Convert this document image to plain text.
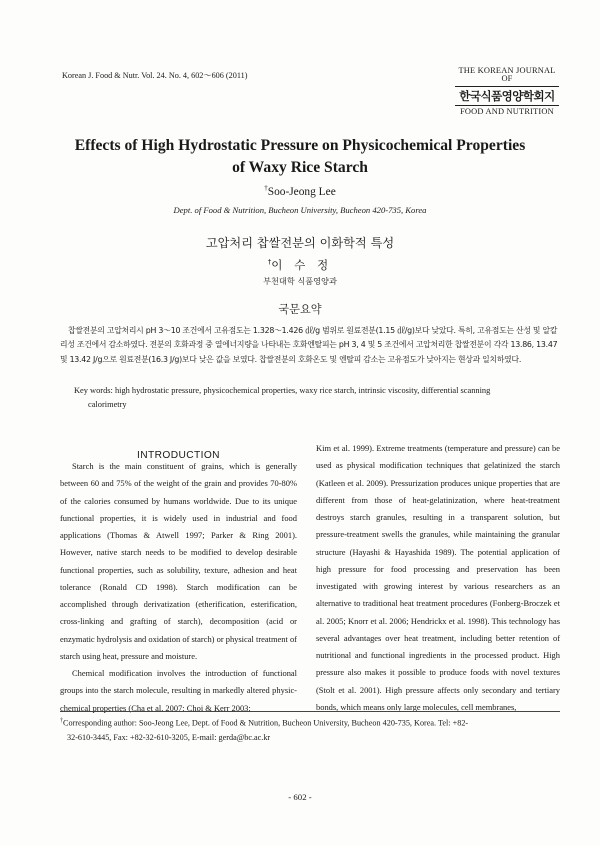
Korean J. Food & Nutr. Vol. 24. No. 4, 602～606 (2011)
THE KOREAN JOURNAL OF
한국식품영양학회지
FOOD AND NUTRITION
Effects of High Hydrostatic Pressure on Physicochemical Properties
of Waxy Rice Starch
†Soo-Jeong Lee
Dept. of Food & Nutrition, Bucheon University, Bucheon 420-735, Korea
고압처리 찹쌀전분의 이화학적 특성
†이 수 정
부천대학 식품영양과
국문요약
찹쌀전분의 고압처리시 pH 3～10 조건에서 고유점도는 1.328～1.426 ㎗/g 범위로 원료전분(1.15 ㎗/g)보다 낮았다. 특히, 고유점도는 산성 및 알칼리성 조건에서 감소하였다. 전분의 호화과정 중 열에너지량을 나타내는 호화엔탈피는 pH 3, 4 및 5 조건에서 고압처리한 찹쌀전분이 각각 13.86, 13.47 및 13.42 J/g으로 원료전분(16.3 J/g)보다 낮은 값을 보였다. 찹쌀전분의 호화온도 및 엔탈피 감소는 고유점도가 낮아지는 현상과 일치하였다.
Key words: high hydrostatic pressure, physicochemical properties, waxy rice starch, intrinsic viscosity, differential scanning
calorimetry
INTRODUCTION

Starch is the main constituent of grains, which is generally between 60 and 75% of the weight of the grain and provides 70-80% of the calories consumed by humans worldwide. Due to its unique functional properties, it is widely used in industrial and food applications (Thomas & Atwell 1997; Parker & Ring 2001). However, native starch needs to be modified to develop desirable functional properties, such as solubility, texture, adhesion and heat tolerance (Ronald CD 1998). Starch modification can be accomplished through derivatization (etherification, esterification, cross-linking and grafting of starch), decomposition (acid or enzymatic hydrolysis and oxidation of starch) or physical treatment of starch using heat, pressure and moisture.

Chemical modification involves the introduction of functional groups into the starch molecule, resulting in markedly altered physic-chemical properties (Cha et al. 2007; Choi & Kerr 2003;

Kim et al. 1999). Extreme treatments (temperature and pressure) can be used as physical modification techniques that gelatinized the starch (Katleen et al. 2009). Pressurization produces unique properties that are different from those of heat-gelatinization, where heat-treatment destroys starch granules, resulting in a transparent solution, but pressure-treatment swells the granules, while maintaining the granular structure (Hayashi & Hayashida 1989). The potential application of high pressure for food processing and preservation has been investigated with growing interest by various researchers as an alternative to traditional heat treatment procedures (Fonberg-Broczek et al. 2005; Knorr et al. 2006; Hendrickx et al. 1998). This technology has several advantages over heat treatment, including better retention of nutritional and functional ingredients in the processed product. High pressure also makes it possible to produce foods with novel textures (Stolt et al. 2001). High pressure affects only secondary and tertiary bonds, which means only large molecules, cell membranes,

†Corresponding author: Soo-Jeong Lee, Dept. of Food & Nutrition, Bucheon University, Bucheon 420-735, Korea. Tel: +82-
32-610-3445, Fax: +82-32-610-3205, E-mail: gerda@bc.ac.kr
- 602 -
